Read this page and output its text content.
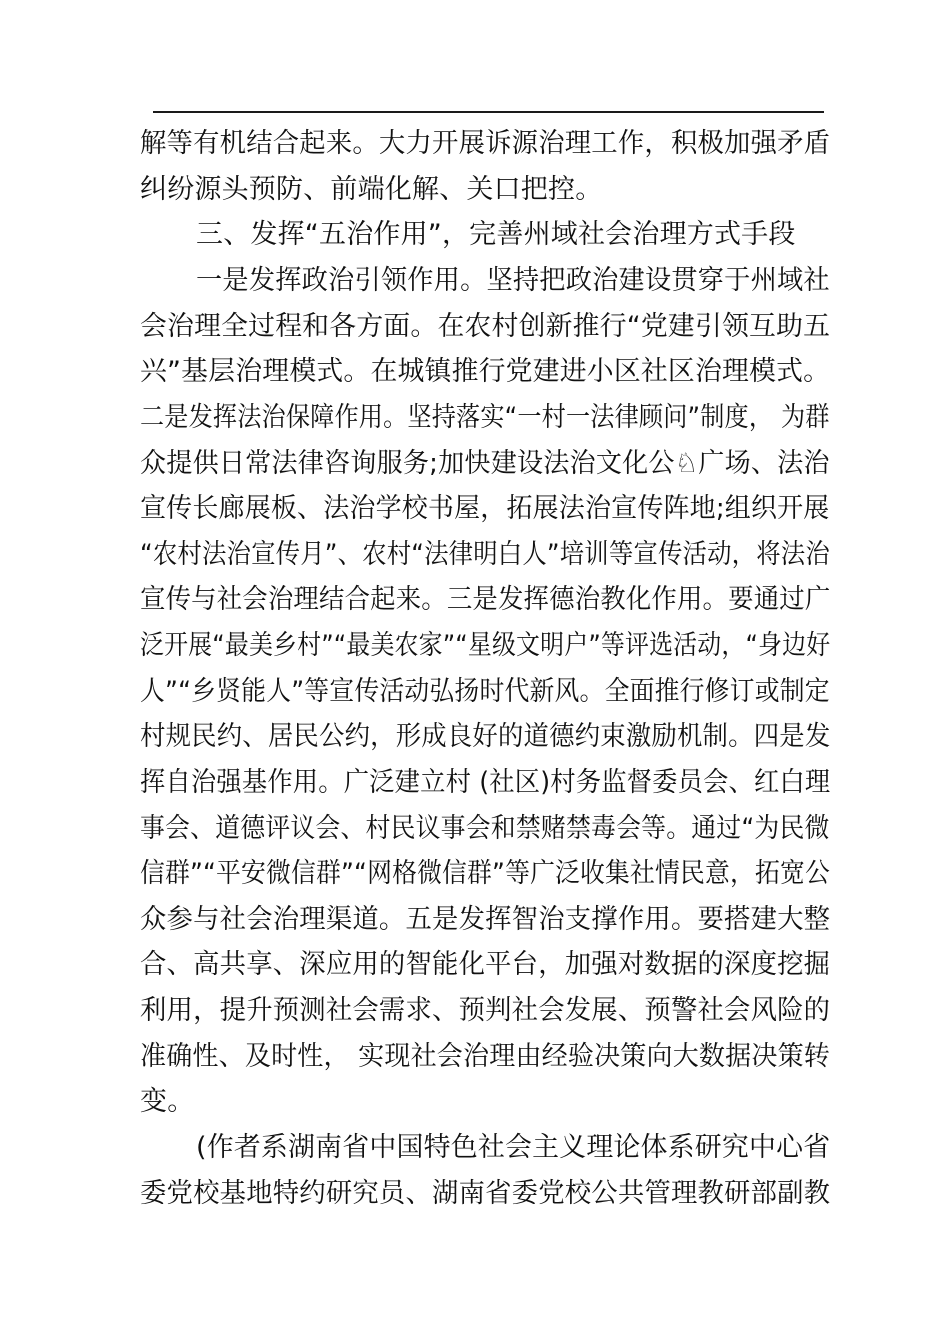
解等有机结合起来。大力开展诉源治理工作，积极加强矛盾
纠纷源头预防、前端化解、关口把控。
三、发挥“五治作用”，完善州域社会治理方式手段
一是发挥政治引领作用。坚持把政治建设贯穿于州域社
会治理全过程和各方面。在农村创新推行“党建引领互助五
兴”基层治理模式。在城镇推行党建进小区社区治理模式。
二是发挥法治保障作用。坚持落实“一村一法律顾问”制度， 为群
众提供日常法律咨询服务;加快建设法治文化公♘广场、法治
宣传长廊展板、法治学校书屋，拓展法治宣传阵地;组织开展
“农村法治宣传月”、农村“法律明白人”培训等宣传活动，将法治
宣传与社会治理结合起来。三是发挥德治教化作用。要通过广
泛开展“最美乡村”“最美农家”“星级文明户”等评选活动，“身边好
人”“乡贤能人”等宣传活动弘扬时代新风。全面推行修订或制定
村规民约、居民公约，形成良好的道德约束激励机制。四是发
挥自治强基作用。广泛建立村 (社区)村务监督委员会、红白理
事会、道德评议会、村民议事会和禁赌禁毒会等。通过“为民微
信群”“平安微信群”“网格微信群”等广泛收集社情民意，拓宽公
众参与社会治理渠道。五是发挥智治支撑作用。要搭建大整
合、高共享、深应用的智能化平台，加强对数据的深度挖掘
利用，提升预测社会需求、预判社会发展、预警社会风险的
准确性、及时性， 实现社会治理由经验决策向大数据决策转
变。
(作者系湖南省中国特色社会主义理论体系研究中心省
委党校基地特约研究员、湖南省委党校公共管理教研部副教
